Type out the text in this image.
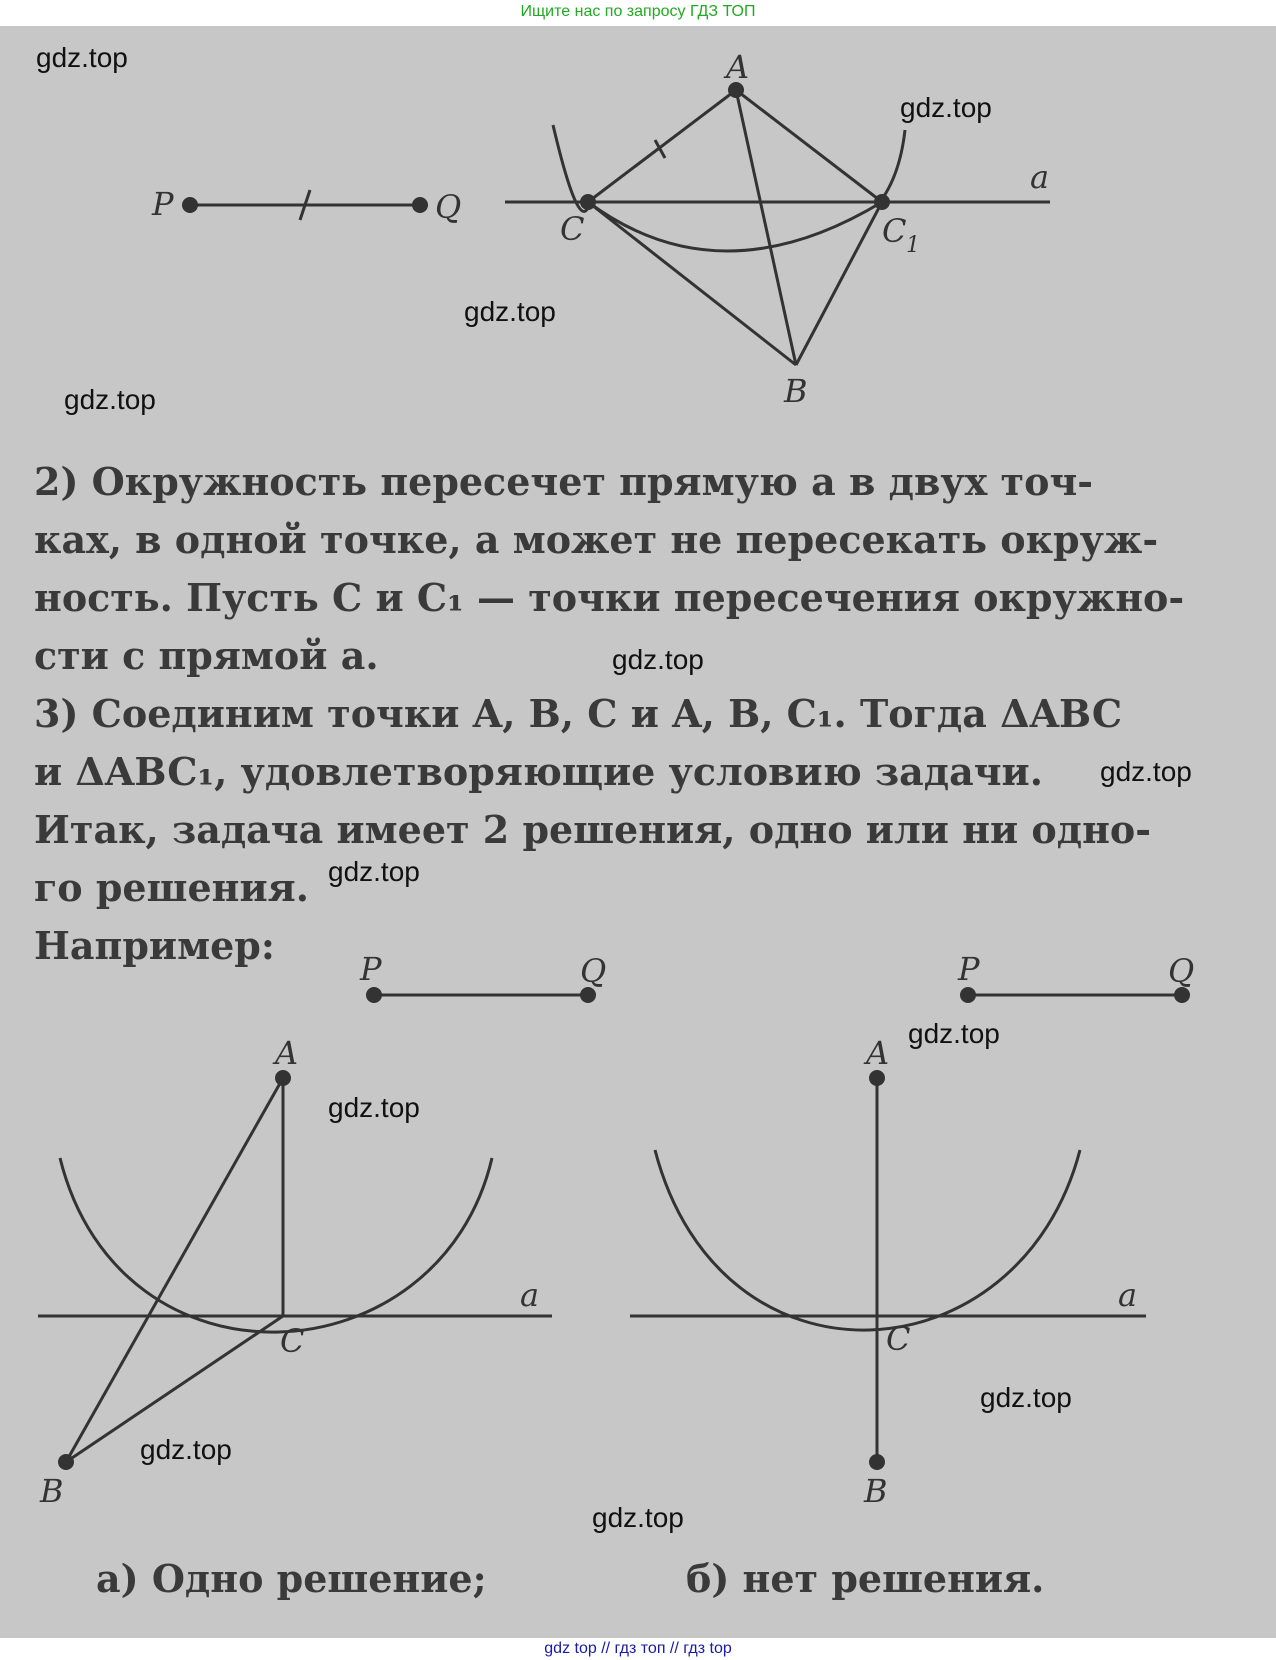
Ищите нас по запросу ГДЗ ТОП
P	Q
A
C	C 1
a
B
P	Q
A
C
a
B
P	Q
A
C
a
B
2) Окружность пересечет прямую a в двух точ-
ках, в одной точке, а может не пересекать окруж-
ность. Пусть C и C₁ — точки пересечения окружно-
сти с прямой a.
3) Соединим точки A, B, C и A, B, C₁. Тогда ΔABC
и ΔABC₁, удовлетворяющие условию задачи.
Итак, задача имеет 2 решения, одно или ни одно-
го решения.
Например:
а) Одно решение;	б) нет решения.
gdz.top
gdz.top
gdz.top
gdz.top
gdz.top
gdz.top
gdz.top
gdz.top
gdz.top
gdz.top
gdz.top
gdz.top
gdz top // гдз топ // гдз top
